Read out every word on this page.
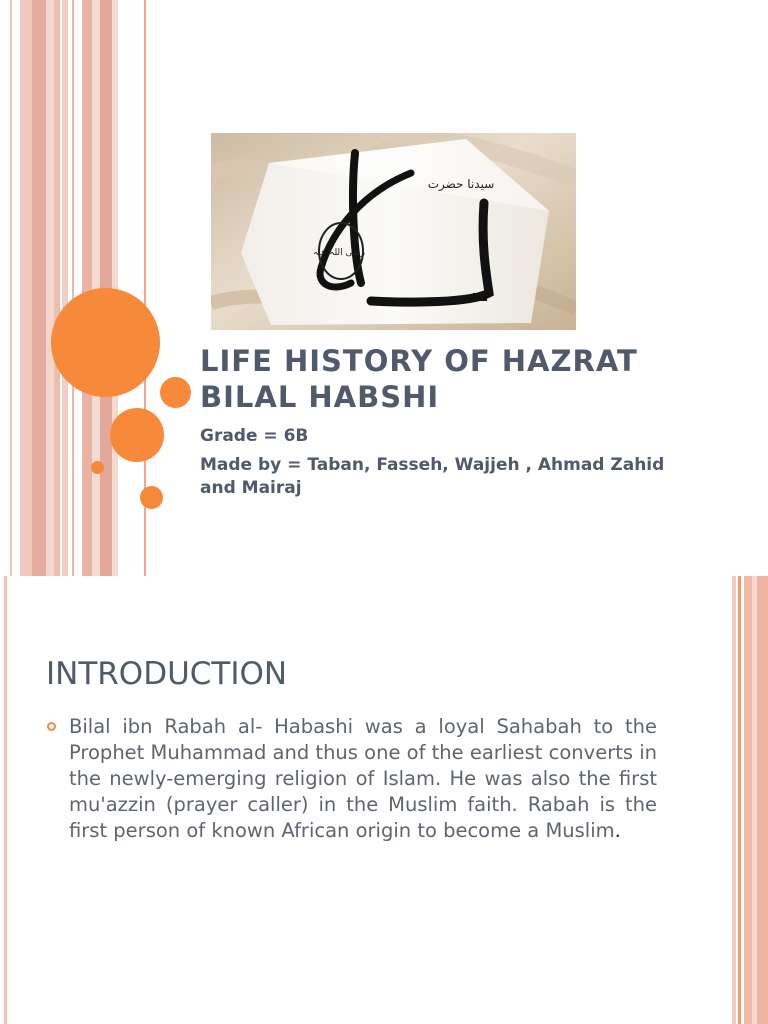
رضی اللہ عنہ
سیدنا حضرت
LIFE HISTORY OF HAZRAT
BILAL HABSHI

Grade = 6B

Made by = Taban, Fasseh, Wajjeh , Ahmad Zahid and Mairaj

INTRODUCTION

Bilal ibn Rabah al- Habashi was a loyal Sahabah to the Prophet Muhammad and thus one of the earliest converts in the newly-emerging religion of Islam. He was also the first mu'azzin (prayer caller) in the Muslim faith. Rabah is the first person of known African origin to become a Muslim.
